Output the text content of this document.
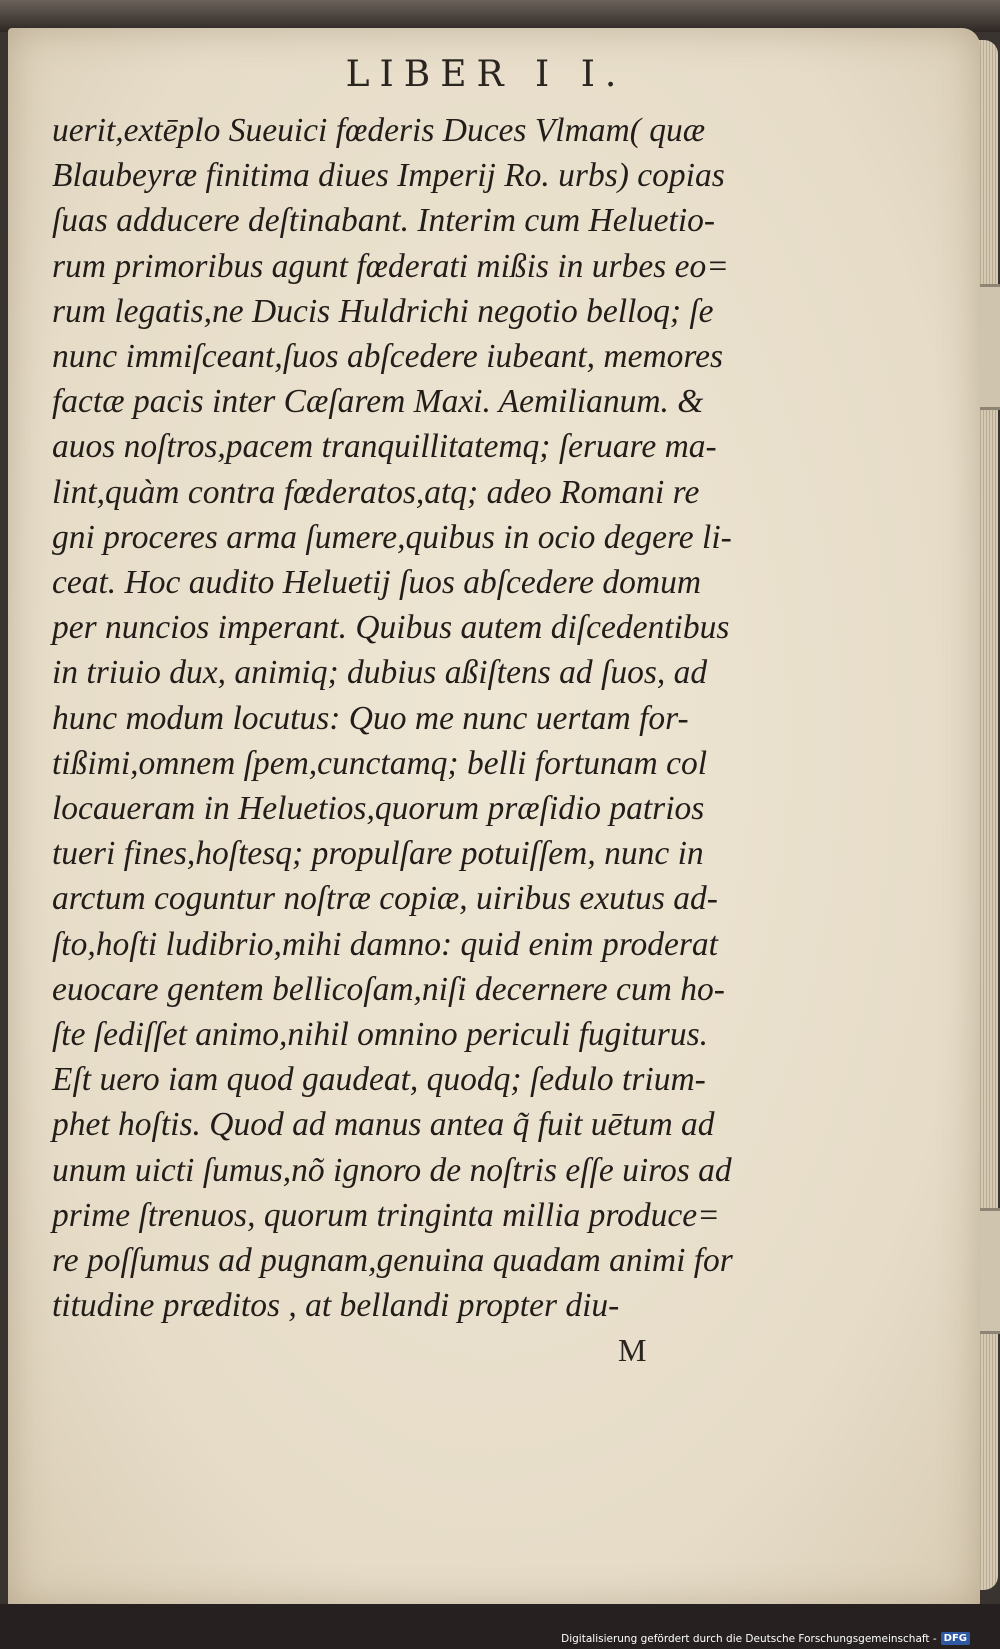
LIBER I I.
uerit,extēplo Sueuici fœderis Duces Vlmam( quæ
Blaubeyræ finitima diues Imperij Ro. urbs) copias
ſuas adducere deſtinabant. Interim cum Heluetio-
rum primoribus agunt fœderati mißis in urbes eo=
rum legatis,ne Ducis Huldrichi negotio belloq; ſe
nunc immiſceant,ſuos abſcedere iubeant, memores
factæ pacis inter Cæſarem Maxi. Aemilianum. &
auos noſtros,pacem tranquillitatemq; ſeruare ma-
lint,quàm contra fœderatos,atq; adeo Romani re
gni proceres arma ſumere,quibus in ocio degere li-
ceat. Hoc audito Heluetij ſuos abſcedere domum
per nuncios imperant. Quibus autem diſcedentibus
in triuio dux, animiq; dubius aßiſtens ad ſuos, ad
hunc modum locutus: Quo me nunc uertam for-
tißimi,omnem ſpem,cunctamq; belli fortunam col
locaueram in Heluetios,quorum præſidio patrios
tueri fines,hoſtesq; propulſare potuiſſem, nunc in
arctum coguntur noſtræ copiæ, uiribus exutus ad-
ſto,hoſti ludibrio,mihi damno: quid enim proderat
euocare gentem bellicoſam,niſi decernere cum ho-
ſte ſediſſet animo,nihil omnino periculi fugiturus.
Eſt uero iam quod gaudeat, quodq; ſedulo trium-
phet hoſtis. Quod ad manus antea q̃ fuit uētum ad
unum uicti ſumus,nõ ignoro de noſtris eſſe uiros ad
prime ſtrenuos, quorum tringinta millia produce=
re poſſumus ad pugnam,genuina quadam animi for
titudine præditos , at bellandi propter diu-
M
Digitalisierung gefördert durch die Deutsche Forschungsgemeinschaft - DFG
